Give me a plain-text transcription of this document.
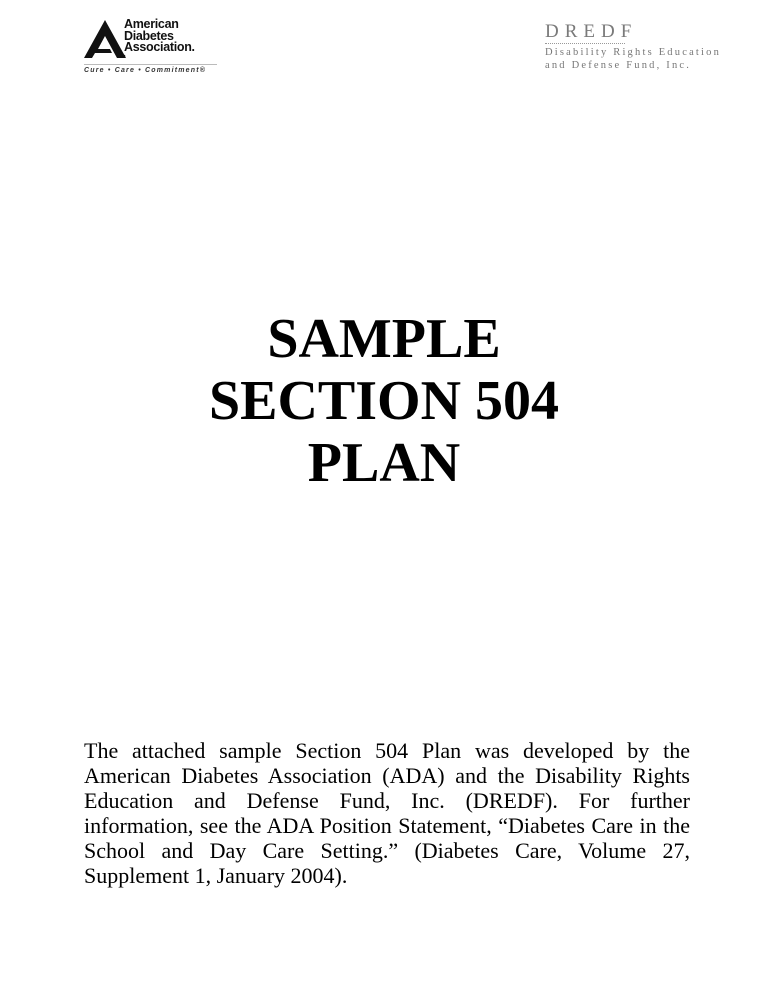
American
Diabetes
Association.
Cure • Care • Commitment®
DREDF
Disability Rights Education
and Defense Fund, Inc.
SAMPLE
SECTION 504
PLAN

The attached sample Section 504 Plan was developed by the American Diabetes Association (ADA) and the Disability Rights Education and Defense Fund, Inc. (DREDF). For further information, see the ADA Position Statement, “Diabetes Care in the School and Day Care Setting.” (Diabetes Care, Volume 27, Supplement 1, January 2004).
